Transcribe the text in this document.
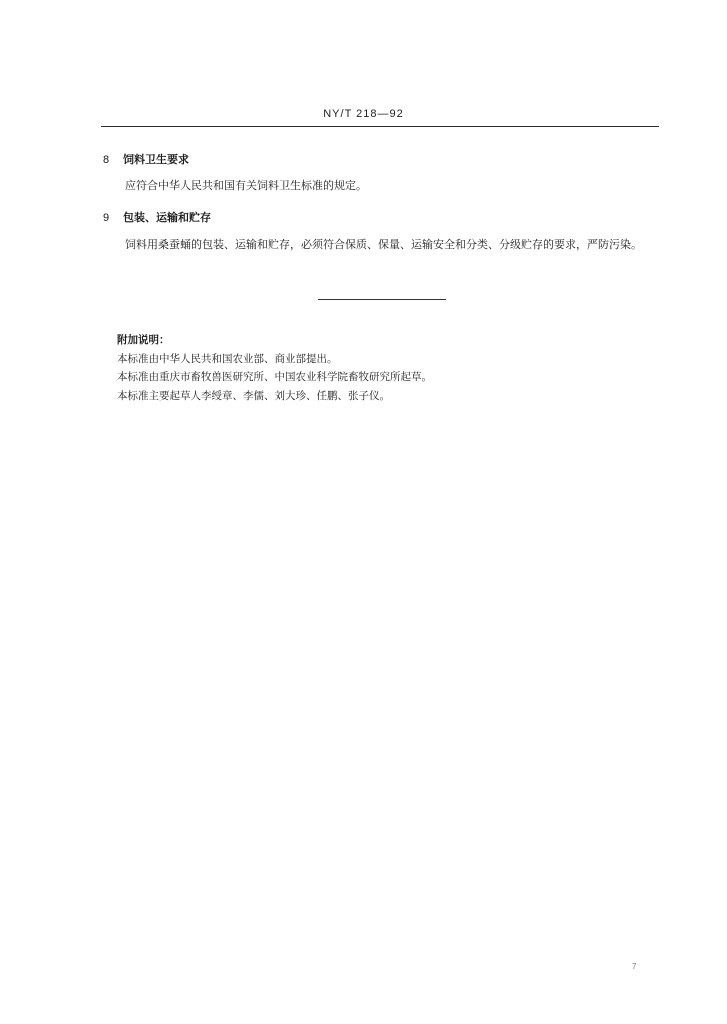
NY/T 218—92
8 饲料卫生要求
应符合中华人民共和国有关饲料卫生标准的规定。
9 包装、运输和贮存
饲料用桑蚕蛹的包装、运输和贮存，必须符合保质、保量、运输安全和分类、分级贮存的要求，严防污染。
附加说明：
本标准由中华人民共和国农业部、商业部提出。
本标准由重庆市畜牧兽医研究所、中国农业科学院畜牧研究所起草。
本标准主要起草人李绶章、李儒、刘大珍、任鹏、张子仪。
7
